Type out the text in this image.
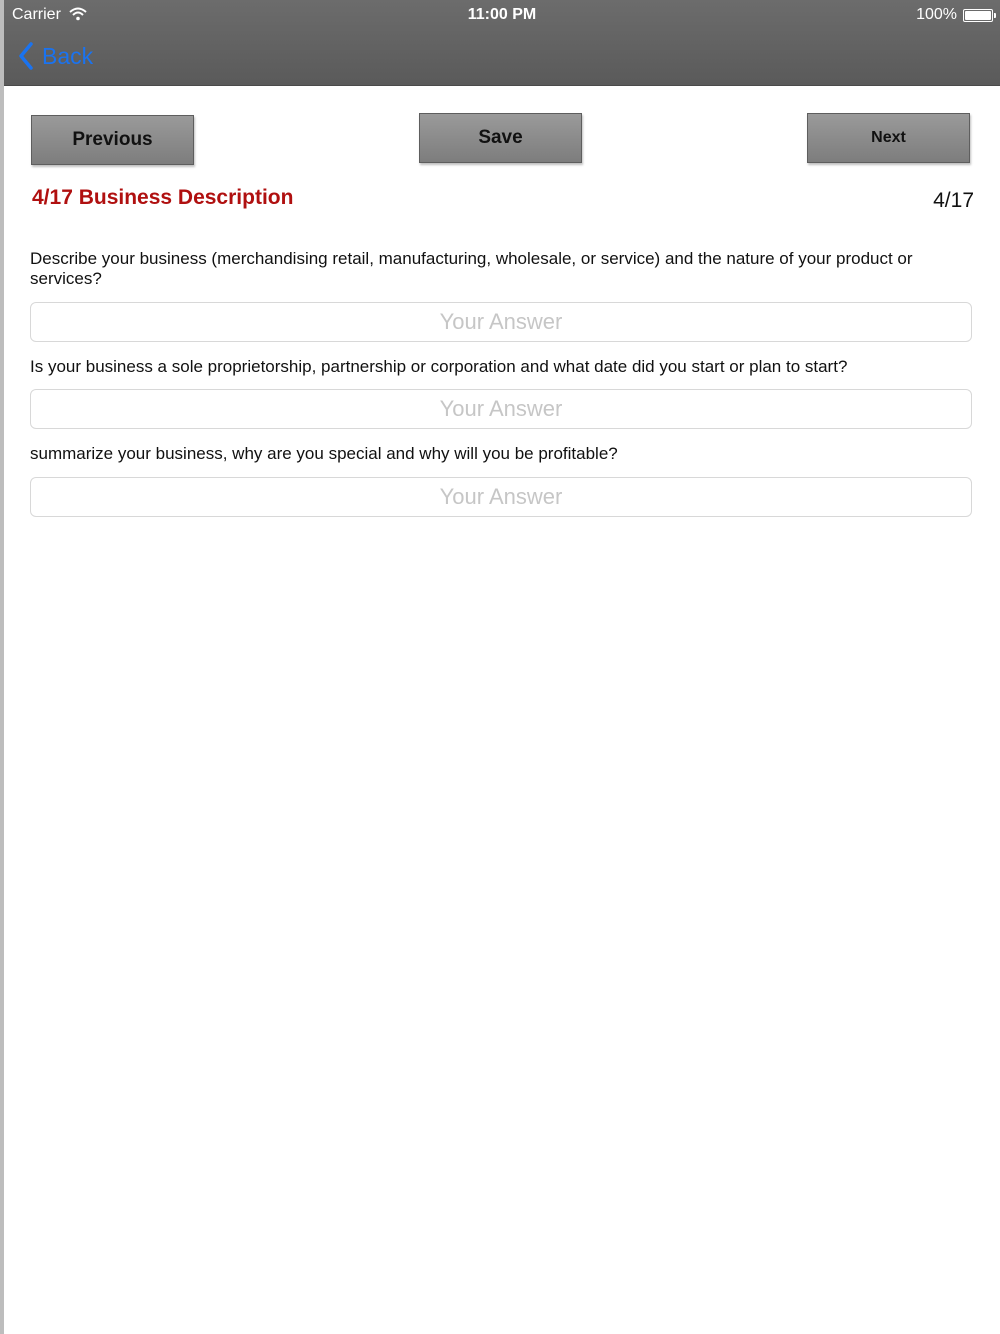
Carrier	11:00 PM	100%
Back
Previous	Save	Next
4/17 Business Description	4/17
Describe your business (merchandising retail, manufacturing, wholesale, or service) and the nature of your product or services?
Your Answer
Is your business a sole proprietorship, partnership or corporation and what date did you start or plan to start?
Your Answer
summarize your business, why are you special and why will you be profitable?
Your Answer
